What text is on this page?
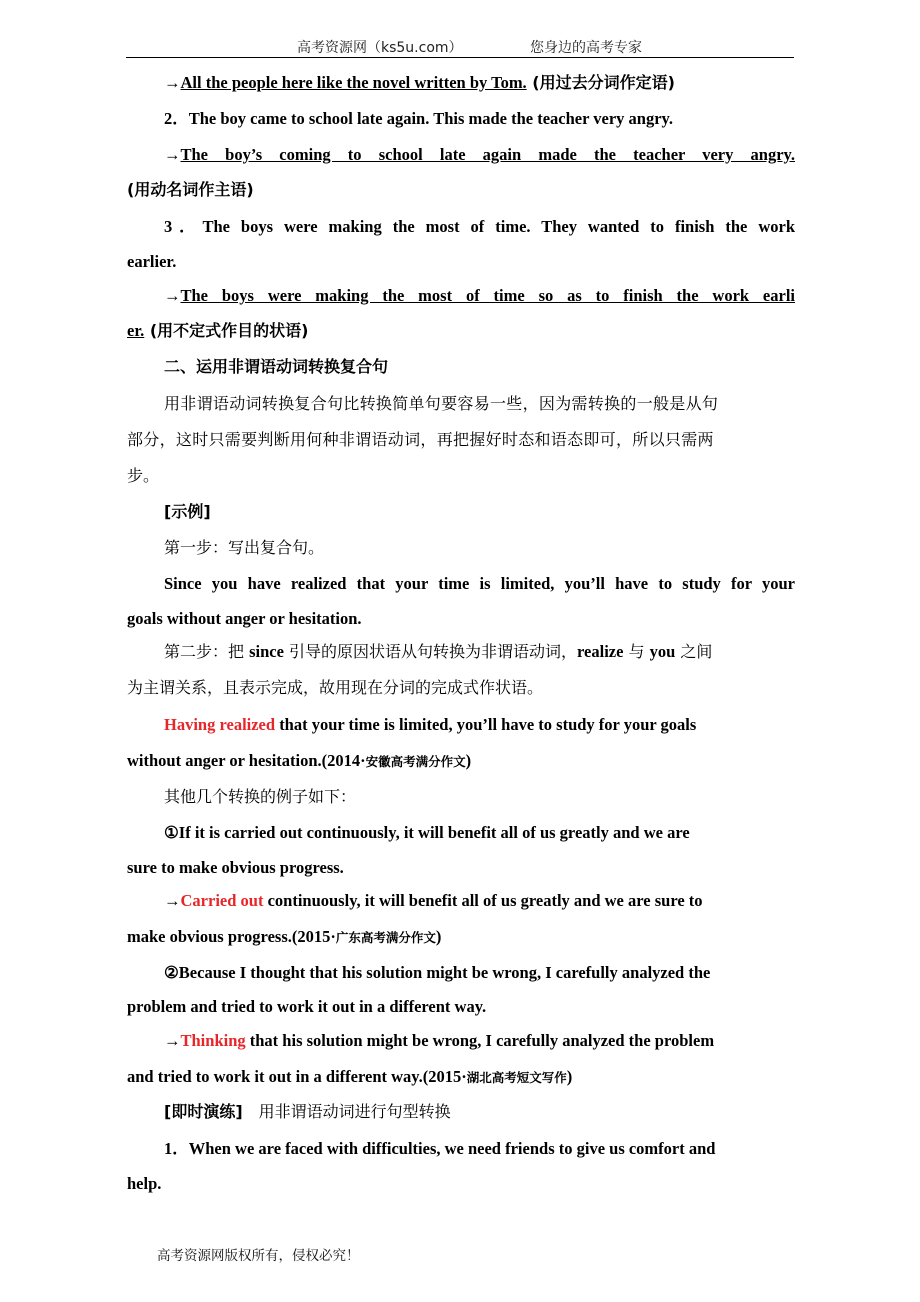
高考资源网（ks5u.com）	您身边的高考专家
→All the people here like the novel written by Tom. (用过去分词作定语)
2．The boy came to school late again. This made the teacher very angry.
→ The boy’s coming to school late again made the teacher very angry.
(用动名词作主语)
3．The boys were making the most of time. They wanted to finish the work
earlier.
→ The boys were making the most of time so as to finish the work earli
er. (用不定式作目的状语)
二、运用非谓语动词转换复合句
用非谓语动词转换复合句比转换简单句要容易一些，因为需转换的一般是从句
部分，这时只需要判断用何种非谓语动词，再把握好时态和语态即可，所以只需两
步。
[示例]
第一步：写出复合句。
Since you have realized that your time is limited, you’ll have to study for your
goals without anger or hesitation.
第二步：把 since 引导的原因状语从句转换为非谓语动词，realize 与 you 之间
为主谓关系，且表示完成，故用现在分词的完成式作状语。
Having realized that your time is limited, you’ll have to study for your goals
without anger or hesitation.(2014·安徽高考满分作文)
其他几个转换的例子如下：
①If it is carried out continuously, it will benefit all of us greatly and we are
sure to make obvious progress.
→Carried out continuously, it will benefit all of us greatly and we are sure to
make obvious progress.(2015·广东高考满分作文)
②Because I thought that his solution might be wrong, I carefully analyzed the
problem and tried to work it out in a different way.
→Thinking that his solution might be wrong, I carefully analyzed the problem
and tried to work it out in a different way.(2015·湖北高考短文写作)
[即时演练]　用非谓语动词进行句型转换
1．When we are faced with difficulties, we need friends to give us comfort and
help.
高考资源网版权所有，侵权必究！
